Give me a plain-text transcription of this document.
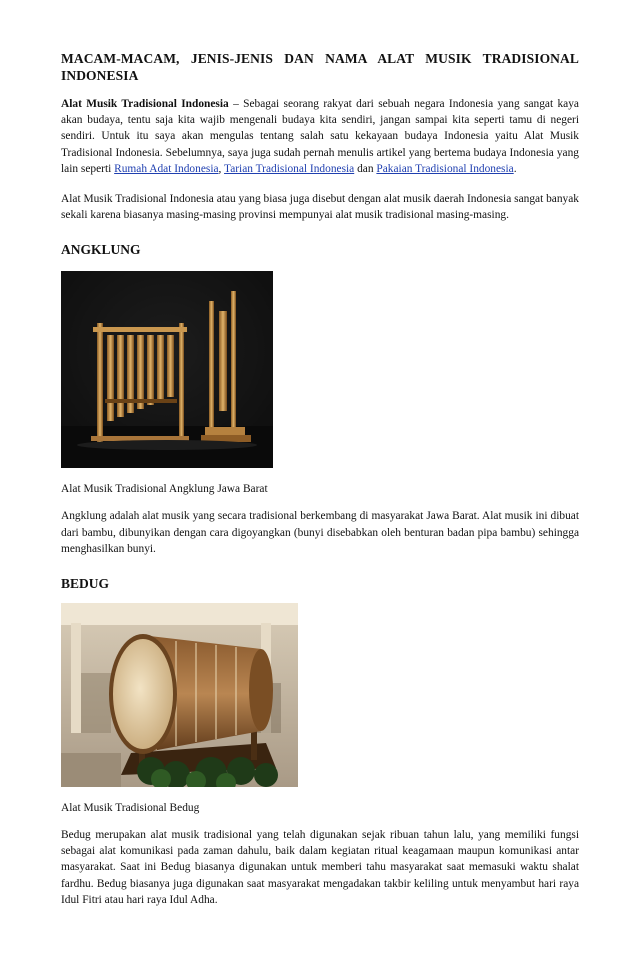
MACAM-MACAM, JENIS-JENIS DAN NAMA ALAT MUSIK TRADISIONAL INDONESIA

Alat Musik Tradisional Indonesia – Sebagai seorang rakyat dari sebuah negara Indonesia yang sangat kaya akan budaya, tentu saja kita wajib mengenali budaya kita sendiri, jangan sampai kita seperti tamu di negeri sendiri. Untuk itu saya akan mengulas tentang salah satu kekayaan budaya Indonesia yaitu Alat Musik Tradisional Indonesia. Sebelumnya, saya juga sudah pernah menulis artikel yang bertema budaya Indonesia yang lain seperti Rumah Adat Indonesia, Tarian Tradisional Indonesia dan Pakaian Tradisional Indonesia.

Alat Musik Tradisional Indonesia atau yang biasa juga disebut dengan alat musik daerah Indonesia sangat banyak sekali karena biasanya masing-masing provinsi mempunyai alat musik tradisional masing-masing.

ANGKLUNG

Alat Musik Tradisional Angklung Jawa Barat

Angklung adalah alat musik yang secara tradisional berkembang di masyarakat Jawa Barat. Alat musik ini dibuat dari bambu, dibunyikan dengan cara digoyangkan (bunyi disebabkan oleh benturan badan pipa bambu) sehingga menghasilkan bunyi.

BEDUG

Alat Musik Tradisional Bedug

Bedug merupakan alat musik tradisional yang telah digunakan sejak ribuan tahun lalu, yang memiliki fungsi sebagai alat komunikasi pada zaman dahulu, baik dalam kegiatan ritual keagamaan maupun komunikasi antar masyarakat. Saat ini Bedug biasanya digunakan untuk memberi tahu masyarakat saat memasuki waktu shalat fardhu. Bedug biasanya juga digunakan saat masyarakat mengadakan takbir keliling untuk menyambut hari raya Idul Fitri atau hari raya Idul Adha.
